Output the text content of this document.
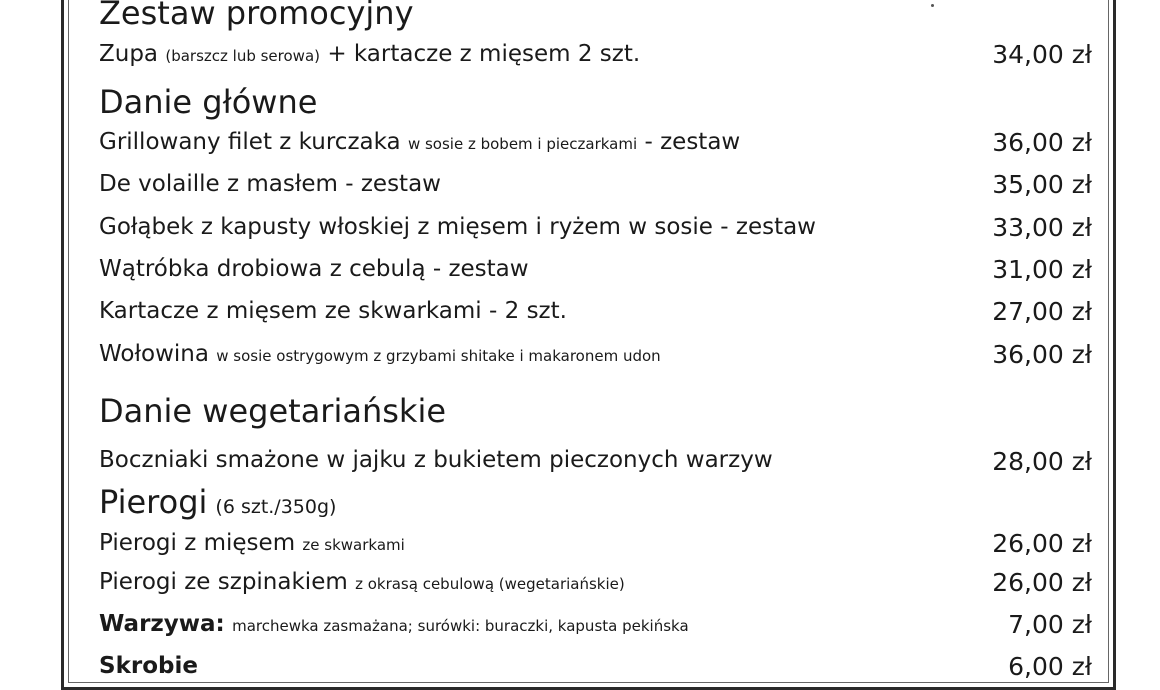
Zestaw promocyjny
Zupa (barszcz lub serowa) + kartacze z mięsem 2 szt.	34,00 zł
Danie główne
Grillowany filet z kurczaka w sosie z bobem i pieczarkami - zestaw	36,00 zł
De volaille z masłem - zestaw	35,00 zł
Gołąbek z kapusty włoskiej z mięsem i ryżem w sosie - zestaw	33,00 zł
Wątróbka drobiowa z cebulą - zestaw	31,00 zł
Kartacze z mięsem ze skwarkami - 2 szt.	27,00 zł
Wołowina w sosie ostrygowym z grzybami shitake i makaronem udon	36,00 zł
Danie wegetariańskie
Boczniaki smażone w jajku z bukietem pieczonych warzyw	28,00 zł
Pierogi (6 szt./350g)
Pierogi z mięsem ze skwarkami	26,00 zł
Pierogi ze szpinakiem z okrasą cebulową (wegetariańskie)	26,00 zł
Warzywa: marchewka zasmażana; surówki: buraczki, kapusta pekińska	7,00 zł
Skrobie	6,00 zł
